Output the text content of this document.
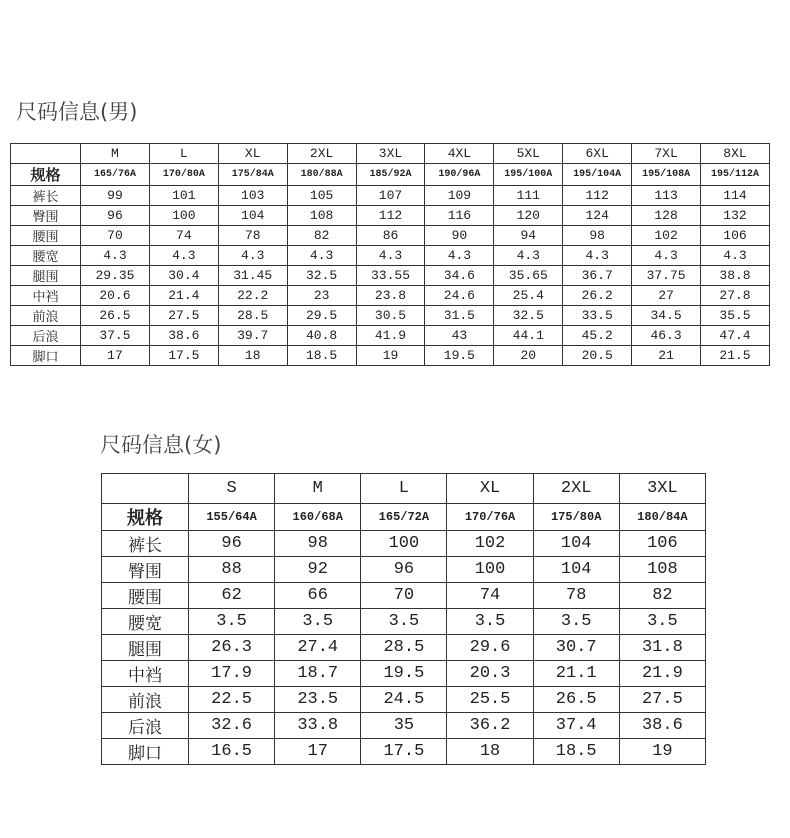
尺码信息(男)
	M	L	XL	2XL	3XL	4XL	5XL	6XL	7XL	8XL
规格	165/76A	170/80A	175/84A	180/88A	185/92A	190/96A	195/100A	195/104A	195/108A	195/112A
裤长	99	101	103	105	107	109	111	112	113	114
臀围	96	100	104	108	112	116	120	124	128	132
腰围	70	74	78	82	86	90	94	98	102	106
腰宽	4.3	4.3	4.3	4.3	4.3	4.3	4.3	4.3	4.3	4.3
腿围	29.35	30.4	31.45	32.5	33.55	34.6	35.65	36.7	37.75	38.8
中裆	20.6	21.4	22.2	23	23.8	24.6	25.4	26.2	27	27.8
前浪	26.5	27.5	28.5	29.5	30.5	31.5	32.5	33.5	34.5	35.5
后浪	37.5	38.6	39.7	40.8	41.9	43	44.1	45.2	46.3	47.4
脚口	17	17.5	18	18.5	19	19.5	20	20.5	21	21.5
尺码信息(女)
	S	M	L	XL	2XL	3XL
规格	155/64A	160/68A	165/72A	170/76A	175/80A	180/84A
裤长	96	98	100	102	104	106
臀围	88	92	96	100	104	108
腰围	62	66	70	74	78	82
腰宽	3.5	3.5	3.5	3.5	3.5	3.5
腿围	26.3	27.4	28.5	29.6	30.7	31.8
中裆	17.9	18.7	19.5	20.3	21.1	21.9
前浪	22.5	23.5	24.5	25.5	26.5	27.5
后浪	32.6	33.8	35	36.2	37.4	38.6
脚口	16.5	17	17.5	18	18.5	19
